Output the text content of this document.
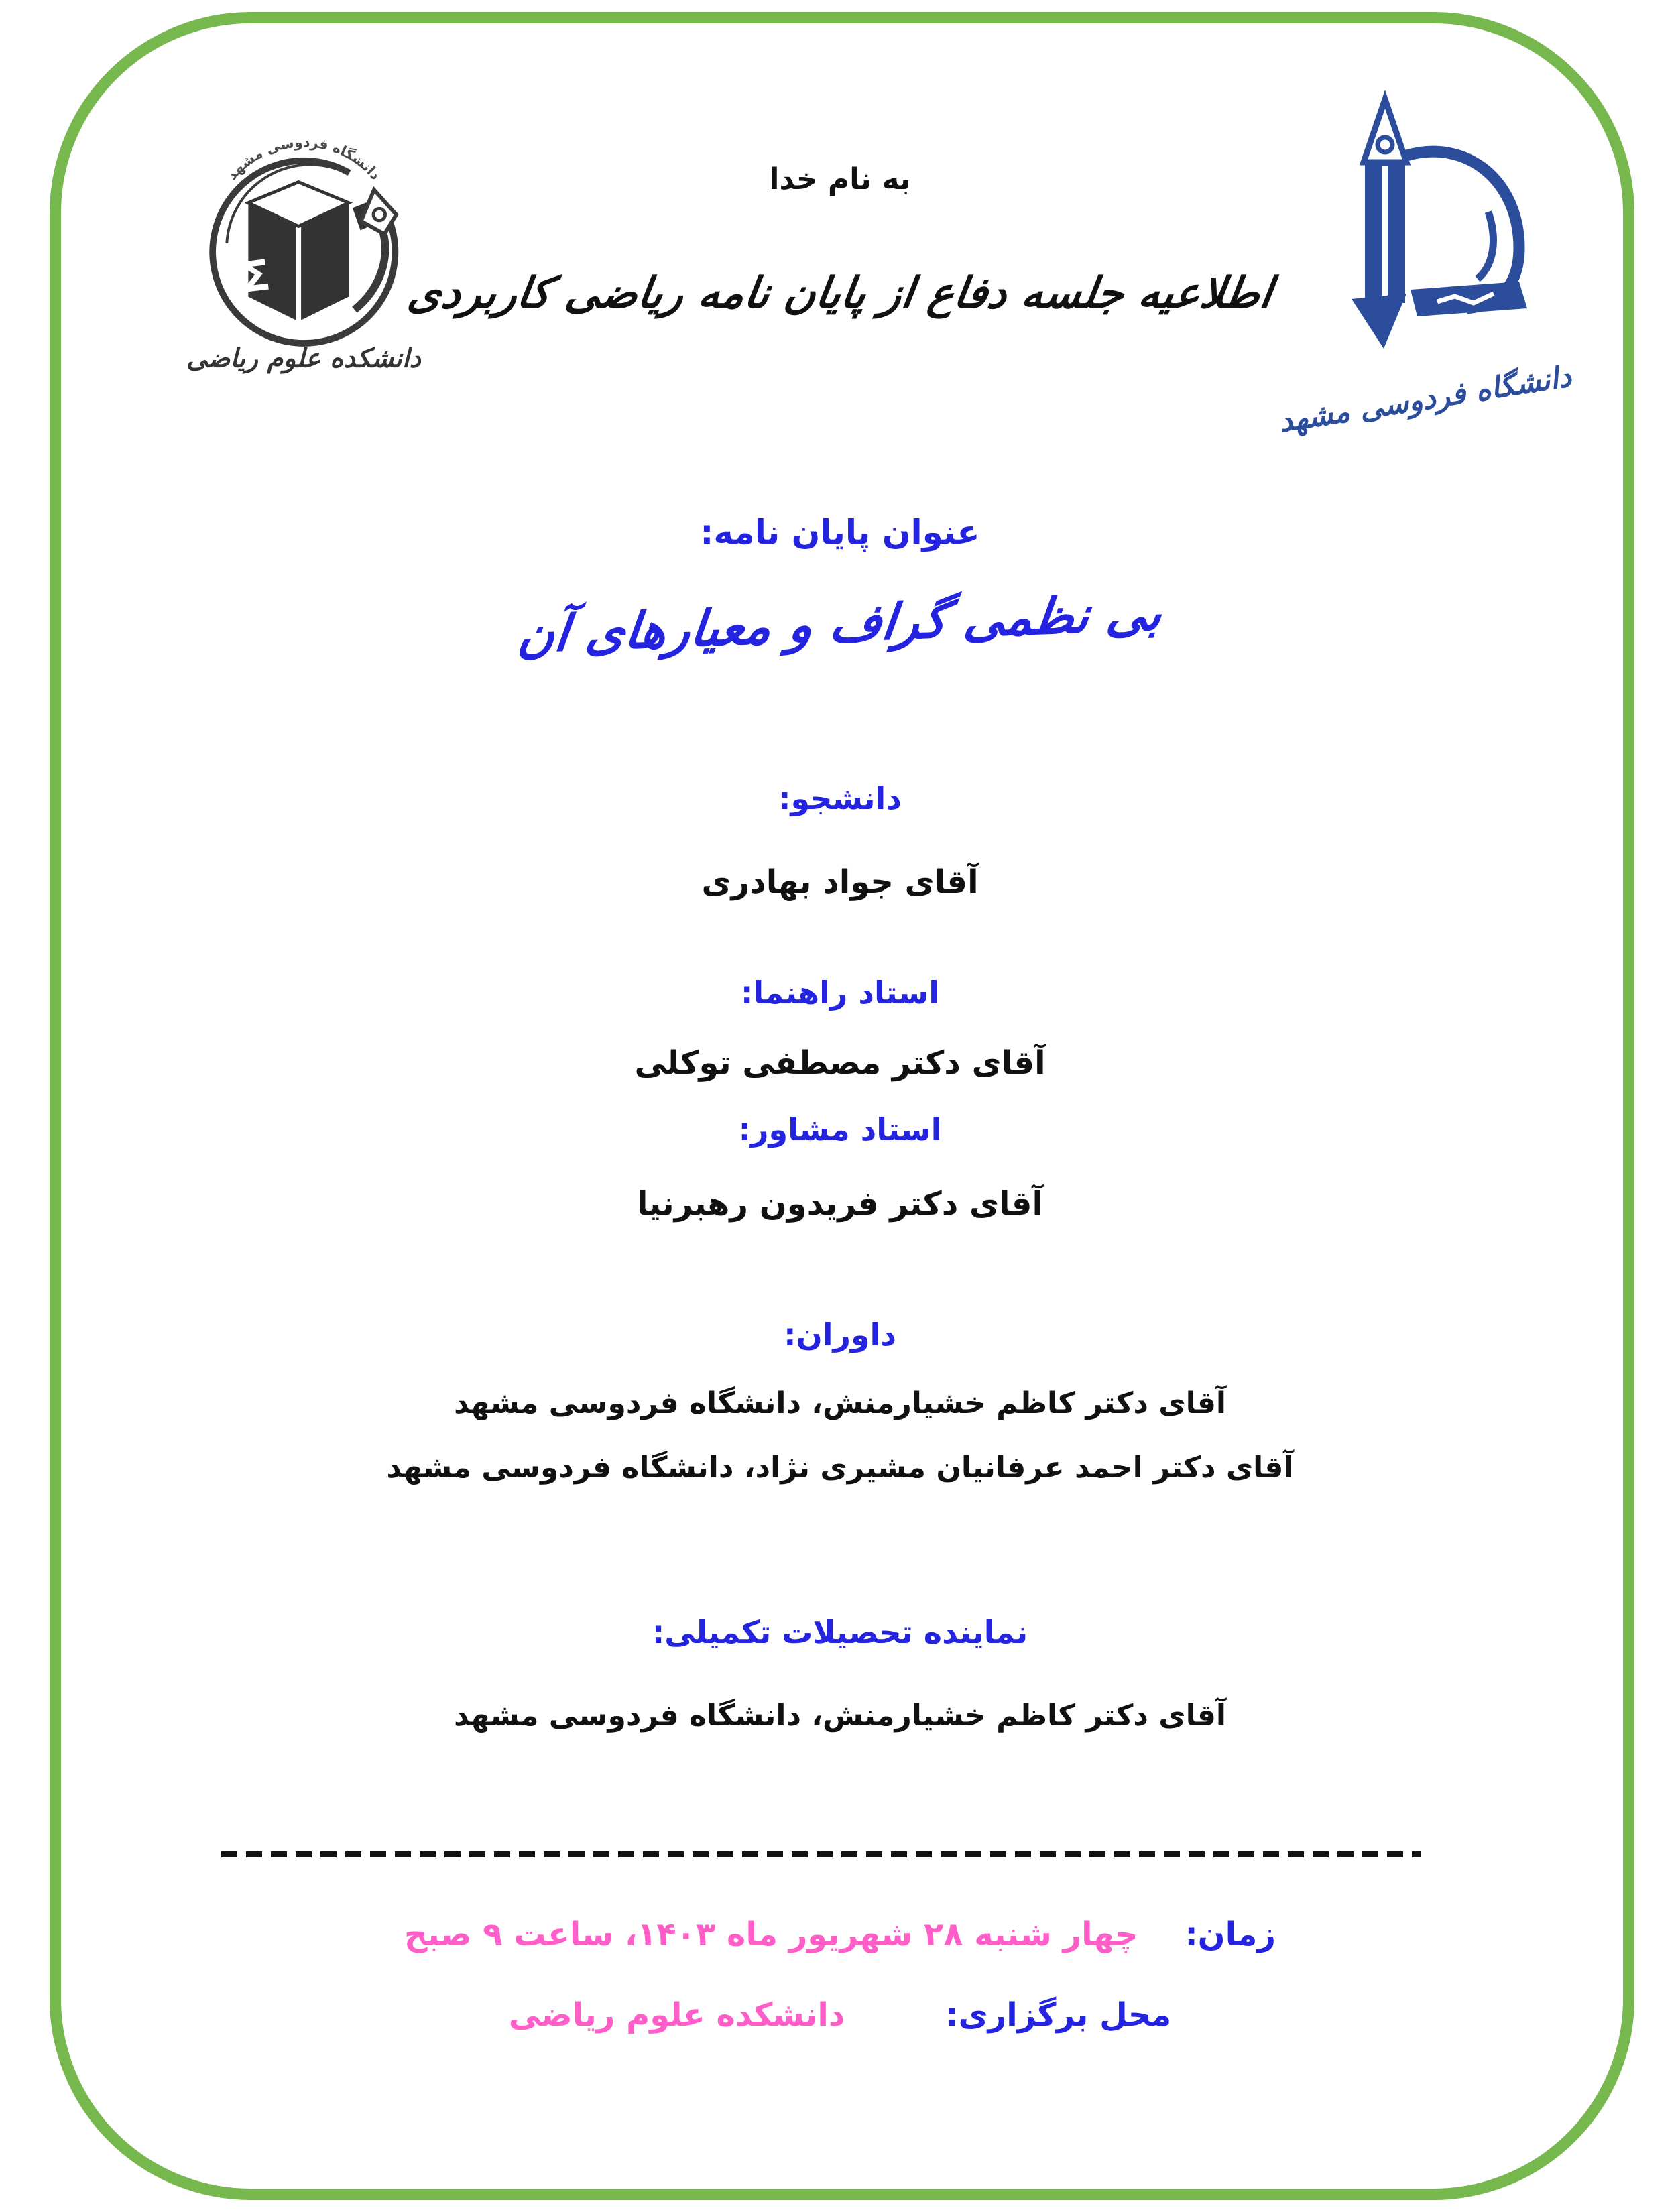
دانشگاه فردوسی مشهد
Σ
دانشکده علوم ریاضی
دانشگاه فردوسی مشهد
به نام خدا
اطلاعیه جلسه دفاع از پایان نامه ریاضی کاربردی
عنوان پایان نامه:
بی نظمی گراف و معیارهای آن
دانشجو:
آقای جواد بهادری
استاد راهنما:
آقای دکتر مصطفی توکلی
استاد مشاور:
آقای دکتر فریدون رهبرنیا
داوران:
آقای دکتر کاظم خشیارمنش، دانشگاه فردوسی مشهد
آقای دکتر احمد عرفانیان مشیری نژاد، دانشگاه فردوسی مشهد
نماینده تحصیلات تکمیلی:
آقای دکتر کاظم خشیارمنش، دانشگاه فردوسی مشهد
زمان:چهار شنبه ۲۸ شهریور ماه ۱۴۰۳، ساعت ۹ صبح
محل برگزاری:دانشکده علوم ریاضی
